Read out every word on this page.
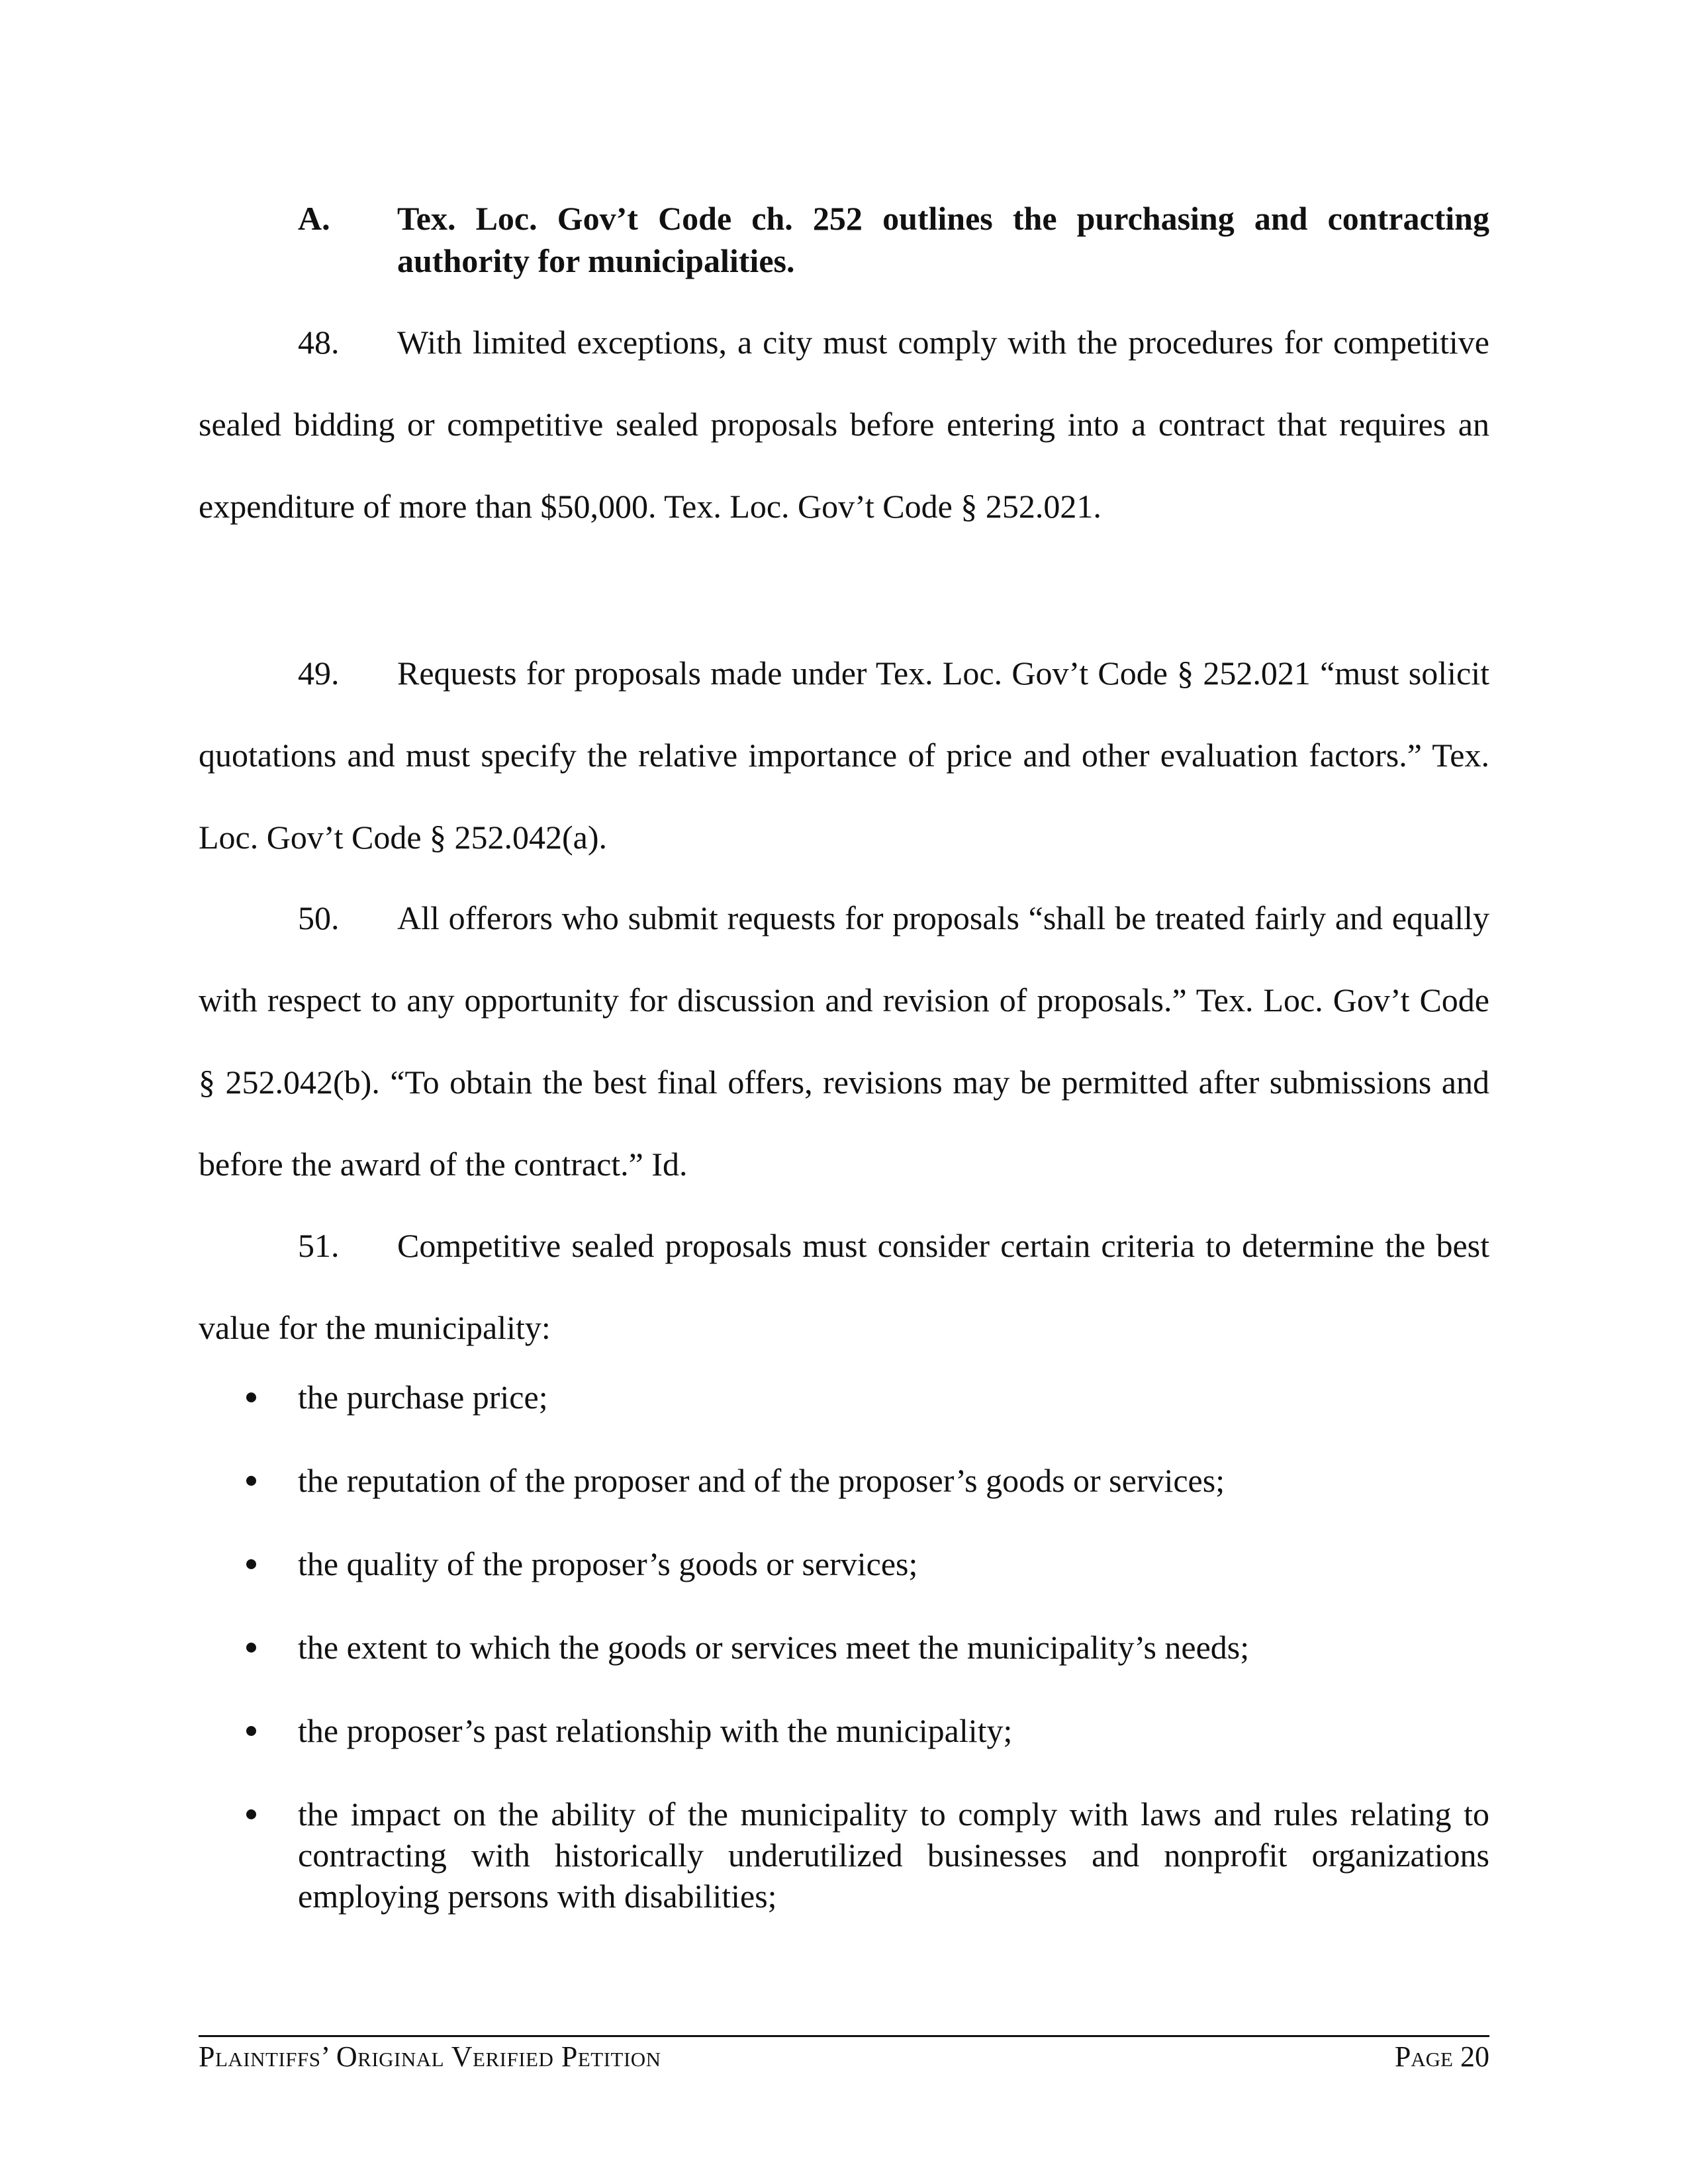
A. Tex. Loc. Gov’t Code ch. 252 outlines the purchasing and contracting authority for municipalities.

48. With limited exceptions, a city must comply with the procedures for competitive sealed bidding or competitive sealed proposals before entering into a contract that requires an expenditure of more than $50,000. Tex. Loc. Gov’t Code § 252.021.

49. Requests for proposals made under Tex. Loc. Gov’t Code § 252.021 “must solicit quotations and must specify the relative importance of price and other evaluation factors.” Tex. Loc. Gov’t Code § 252.042(a).

50. All offerors who submit requests for proposals “shall be treated fairly and equally with respect to any opportunity for discussion and revision of proposals.” Tex. Loc. Gov’t Code § 252.042(b). “To obtain the best final offers, revisions may be permitted after submissions and before the award of the contract.” Id.

51. Competitive sealed proposals must consider certain criteria to determine the best value for the municipality:

the purchase price;
the reputation of the proposer and of the proposer’s goods or services;
the quality of the proposer’s goods or services;
the extent to which the goods or services meet the municipality’s needs;
the proposer’s past relationship with the municipality;
the impact on the ability of the municipality to comply with laws and rules relating to contracting with historically underutilized businesses and nonprofit organizations employing persons with disabilities;
Plaintiffs’ Original Verified Petition	Page 20
